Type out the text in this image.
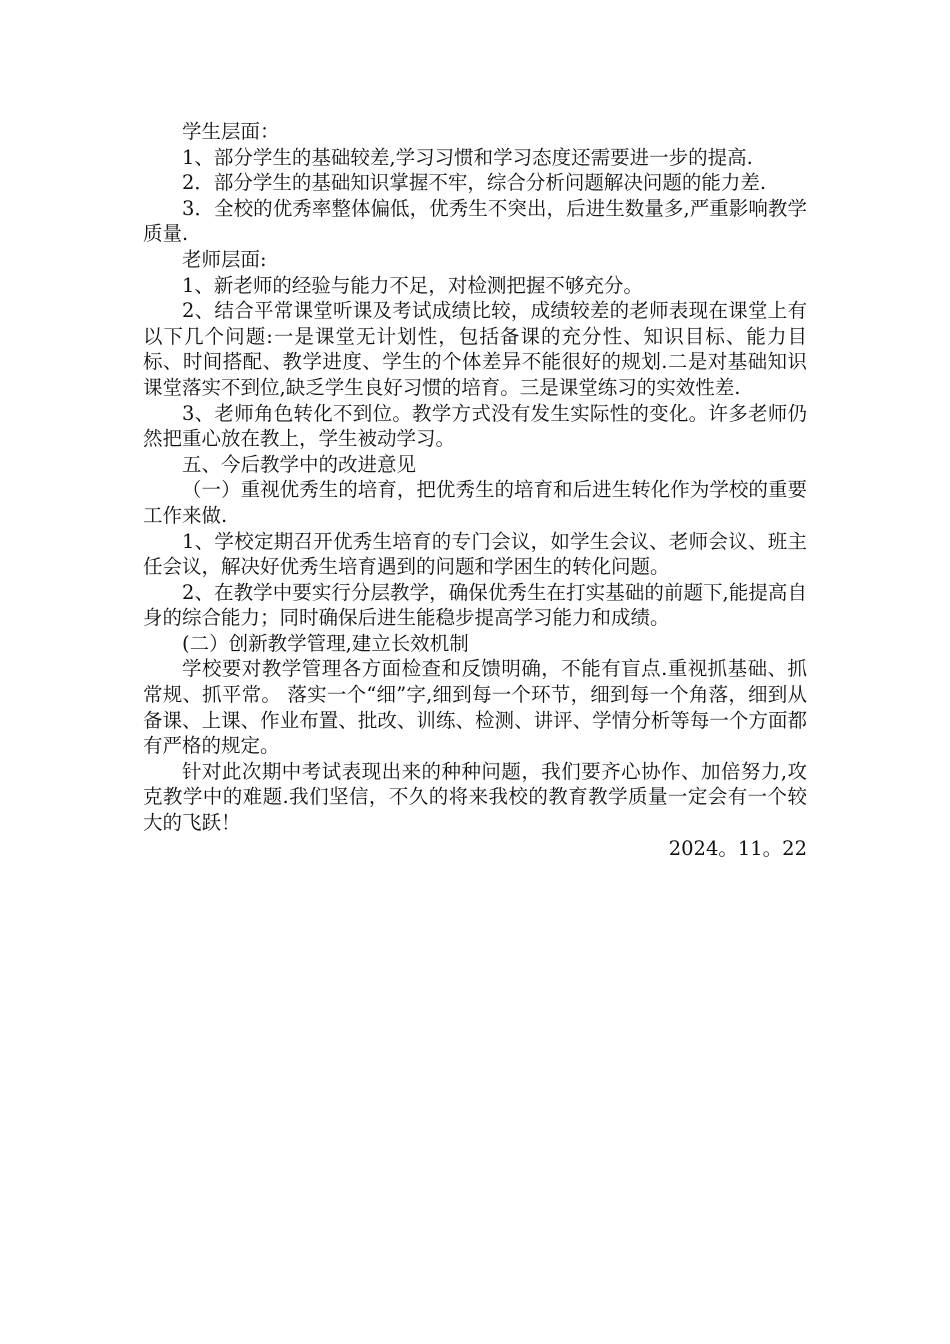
学生层面：

1、部分学生的基础较差,学习习惯和学习态度还需要进一步的提高.

2．部分学生的基础知识掌握不牢，综合分析问题解决问题的能力差.

3．全校的优秀率整体偏低，优秀生不突出，后进生数量多,严重影响教学质量.

老师层面:

1、新老师的经验与能力不足，对检测把握不够充分。

2、结合平常课堂听课及考试成绩比较，成绩较差的老师表现在课堂上有以下几个问题:一是课堂无计划性，包括备课的充分性、知识目标、能力目标、时间搭配、教学进度、学生的个体差异不能很好的规划.二是对基础知识课堂落实不到位,缺乏学生良好习惯的培育。三是课堂练习的实效性差.

3、老师角色转化不到位。教学方式没有发生实际性的变化。许多老师仍然把重心放在教上，学生被动学习。

五、今后教学中的改进意见

（一）重视优秀生的培育，把优秀生的培育和后进生转化作为学校的重要工作来做.

1、学校定期召开优秀生培育的专门会议，如学生会议、老师会议、班主任会议，解决好优秀生培育遇到的问题和学困生的转化问题。

2、在教学中要实行分层教学，确保优秀生在打实基础的前题下,能提高自身的综合能力；同时确保后进生能稳步提高学习能力和成绩。

(二）创新教学管理,建立长效机制

学校要对教学管理各方面检查和反馈明确，不能有盲点.重视抓基础、抓常规、抓平常。 落实一个“细”字,细到每一个环节，细到每一个角落，细到从备课、上课、作业布置、批改、训练、检测、讲评、学情分析等每一个方面都有严格的规定。

针对此次期中考试表现出来的种种问题，我们要齐心协作、加倍努力,攻克教学中的难题.我们坚信，不久的将来我校的教育教学质量一定会有一个较大的飞跃！

2024。11。22
